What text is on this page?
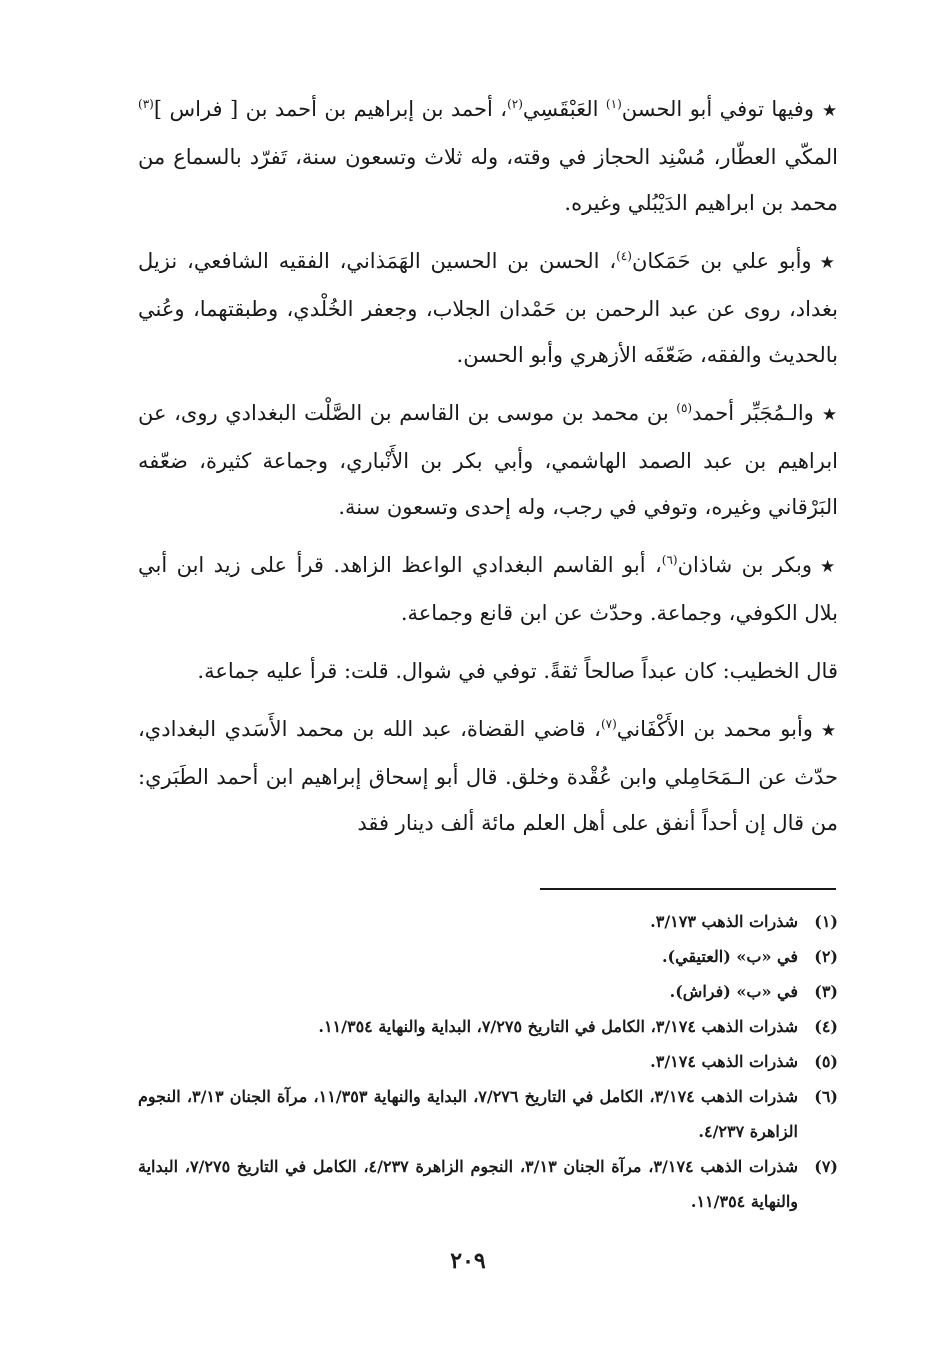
★وفيها توفي أبو الحسن$^{(١)}$ العَبْقَسِي$^{(٢)}$، أحمد بن إبراهيم بن أحمد بن [ فراس ]$^{(٣)}$ المكّي العطّار، مُسْنِد الحجاز في وقته، وله ثلاث وتسعون سنة، تَفرّد بالسماع من محمد بن ابراهيم الدَيْبُلي وغيره.

★وأبو علي بن حَمَكان$^{(٤)}$، الحسن بن الحسين الهَمَذاني، الفقيه الشافعي، نزيل بغداد، روى عن عبد الرحمن بن حَمْدان الجلاب، وجعفر الخُلْدي، وطبقتهما، وعُني بالحديث والفقه، ضَعّفَه الأزهري وأبو الحسن.

★والـمُجَبِّر أحمد$^{(٥)}$ بن محمد بن موسى بن القاسم بن الصَّلْت البغدادي روى، عن ابراهيم بن عبد الصمد الهاشمي، وأبي بكر بن الأَنْباري، وجماعة كثيرة، ضعّفه البَرْقاني وغيره، وتوفي في رجب، وله إحدى وتسعون سنة.

★وبكر بن شاذان$^{(٦)}$، أبو القاسم البغدادي الواعظ الزاهد. قرأ على زيد ابن أبي بلال الكوفي، وجماعة. وحدّث عن ابن قانع وجماعة.

قال الخطيب: كان عبداً صالحاً ثقةً. توفي في شوال. قلت: قرأ عليه جماعة.

★وأبو محمد بن الأَكْفَاني$^{(٧)}$، قاضي القضاة، عبد الله بن محمد الأَسَدي البغدادي، حدّث عن الـمَحَامِلي وابن عُقْدة وخلق. قال أبو إسحاق إبراهيم ابن أحمد الطَبَري: من قال إن أحداً أنفق على أهل العلم مائة ألف دينار فقد

(١)
شذرات الذهب ٣/١٧٣.

(٢)
في «ب» (العتيقي).

(٣)
في «ب» (فراش).

(٤)
شذرات الذهب ٣/١٧٤، الكامل في التاريخ ٧/٢٧٥، البداية والنهاية ١١/٣٥٤.

(٥)
شذرات الذهب ٣/١٧٤.

(٦)
شذرات الذهب ٣/١٧٤، الكامل في التاريخ ٧/٢٧٦، البداية والنهاية ١١/٣٥٣، مرآة الجنان ٣/١٣، النجوم الزاهرة ٤/٢٣٧.

(٧)
شذرات الذهب ٣/١٧٤، مرآة الجنان ٣/١٣، النجوم الزاهرة ٤/٢٣٧، الكامل في التاريخ ٧/٢٧٥، البداية والنهاية ١١/٣٥٤.

٢٠٩
